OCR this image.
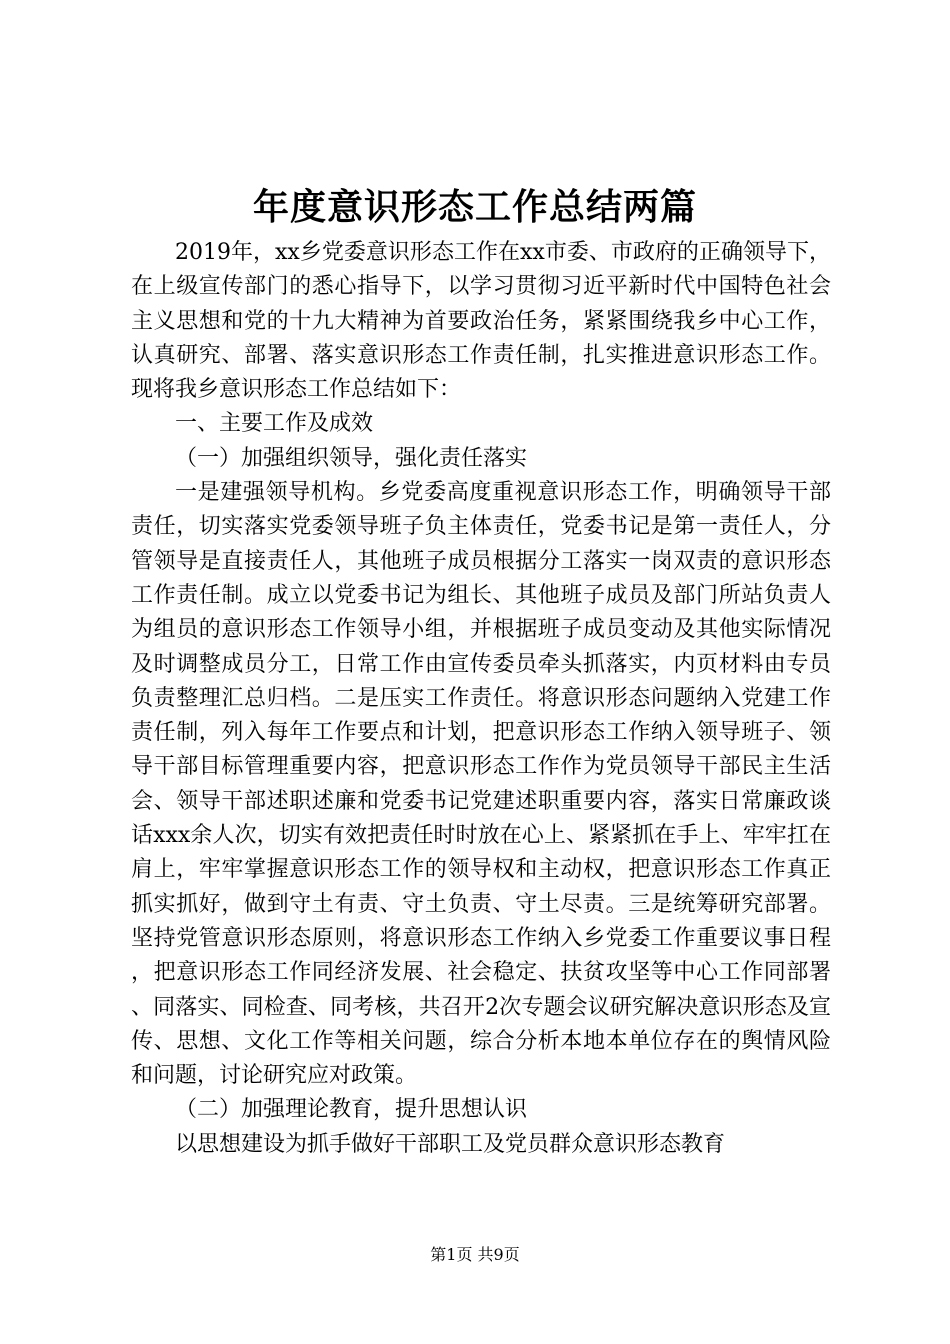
年度意识形态工作总结两篇

2019年，xx乡党委意识形态工作在xx市委、市政府的正确领导下，在上级宣传部门的悉心指导下，以学习贯彻习近平新时代中国特色社会主义思想和党的十九大精神为首要政治任务，紧紧围绕我乡中心工作，认真研究、部署、落实意识形态工作责任制，扎实推进意识形态工作。现将我乡意识形态工作总结如下：

一、主要工作及成效

（一）加强组织领导，强化责任落实

一是建强领导机构。乡党委高度重视意识形态工作，明确领导干部责任，切实落实党委领导班子负主体责任，党委书记是第一责任人，分管领导是直接责任人，其他班子成员根据分工落实一岗双责的意识形态工作责任制。成立以党委书记为组长、其他班子成员及部门所站负责人为组员的意识形态工作领导小组，并根据班子成员变动及其他实际情况及时调整成员分工，日常工作由宣传委员牵头抓落实，内页材料由专员负责整理汇总归档。二是压实工作责任。将意识形态问题纳入党建工作责任制，列入每年工作要点和计划，把意识形态工作纳入领导班子、领导干部目标管理重要内容，把意识形态工作作为党员领导干部民主生活会、领导干部述职述廉和党委书记党建述职重要内容，落实日常廉政谈话xxx余人次，切实有效把责任时时放在心上、紧紧抓在手上、牢牢扛在肩上，牢牢掌握意识形态工作的领导权和主动权，把意识形态工作真正抓实抓好，做到守土有责、守土负责、守土尽责。三是统筹研究部署。坚持党管意识形态原则，将意识形态工作纳入乡党委工作重要议事日程，把意识形态工作同经济发展、社会稳定、扶贫攻坚等中心工作同部署、同落实、同检查、同考核，共召开2次专题会议研究解决意识形态及宣传、思想、文化工作等相关问题，综合分析本地本单位存在的舆情风险和问题，讨论研究应对政策。

（二）加强理论教育，提升思想认识

以思想建设为抓手做好干部职工及党员群众意识形态教育

第1页 共9页
